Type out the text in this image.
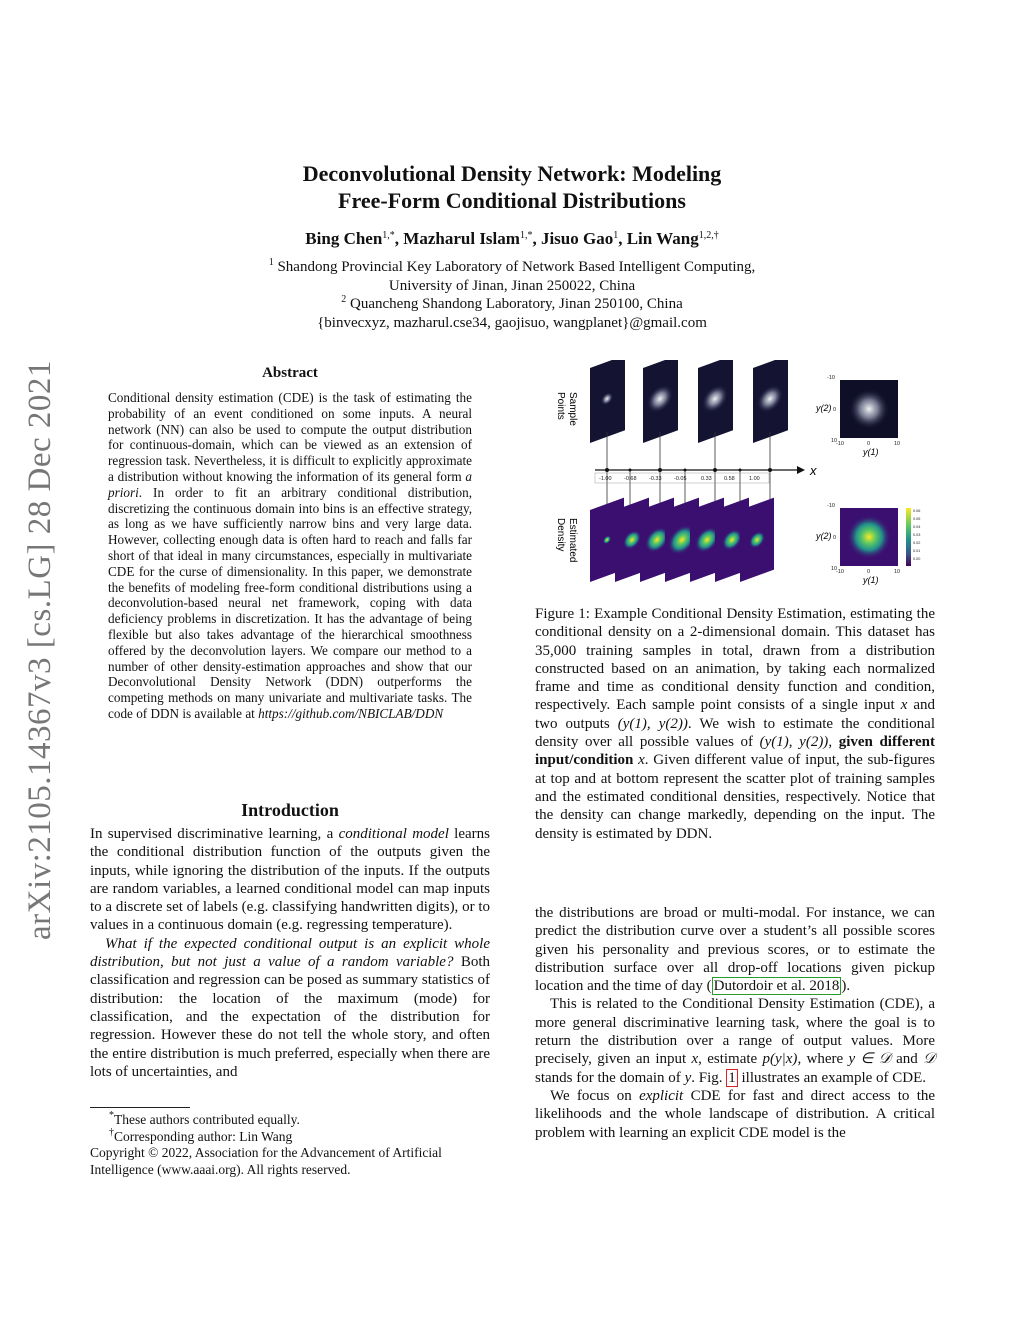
arXiv:2105.14367v3 [cs.LG] 28 Dec 2021
Deconvolutional Density Network: Modeling
Free-Form Conditional Distributions
Bing Chen$^{1,*}$, Mazharul Islam$^{1,*}$, Jisuo Gao$^1$, Lin Wang$^{1,2,\dagger}$
$^1$ Shandong Provincial Key Laboratory of Network Based Intelligent Computing,
University of Jinan, Jinan 250022, China
$^2$ Quancheng Shandong Laboratory, Jinan 250100, China
{binvecxyz, mazharul.cse34, gaojisuo, wangplanet}@gmail.com
Abstract
Conditional density estimation (CDE) is the task of estimating the probability of an event conditioned on some inputs. A neural network (NN) can also be used to compute the output distribution for continuous-domain, which can be viewed as an extension of regression task. Nevertheless, it is difficult to explicitly approximate a distribution without knowing the information of its general form a priori. In order to fit an arbitrary conditional distribution, discretizing the continuous domain into bins is an effective strategy, as long as we have sufficiently narrow bins and very large data. However, collecting enough data is often hard to reach and falls far short of that ideal in many circumstances, especially in multivariate CDE for the curse of dimensionality. In this paper, we demonstrate the benefits of modeling free-form conditional distributions using a deconvolution-based neural net framework, coping with data deficiency problems in discretization. It has the advantage of being flexible but also takes advantage of the hierarchical smoothness offered by the deconvolution layers. We compare our method to a number of other density-estimation approaches and show that our Deconvolutional Density Network (DDN) outperforms the competing methods on many univariate and multivariate tasks. The code of DDN is available at https://github.com/NBICLAB/DDN
Introduction

In supervised discriminative learning, a conditional model learns the conditional distribution function of the outputs given the inputs, while ignoring the distribution of the inputs. If the outputs are random variables, a learned conditional model can map inputs to a discrete set of labels (e.g. classifying handwritten digits), or to values in a continuous domain (e.g. regressing temperature).

What if the expected conditional output is an explicit whole distribution, but not just a value of a random variable? Both classification and regression can be posed as summary statistics of distribution: the location of the maximum (mode) for classification, and the expectation of the distribution for regression. However these do not tell the whole story, and often the entire distribution is much preferred, especially when there are lots of uncertainties, and

*These authors contributed equally.
†Corresponding author: Lin Wang
Copyright © 2022, Association for the Advancement of Artificial Intelligence (www.aaai.org). All rights reserved.
Sample
Points
Estimated
Density
x
-1.00 -0.68 -0.33 -0.05	0.33 0.58	1.00
-10
0
10
-10	0	10
y(2)
y(1)
0.06
0.05
0.04
0.03
0.02
0.01
0.00
-10
0
10
-10	0	10
y(2)
y(1)
Figure 1: Example Conditional Density Estimation, estimating the conditional density on a 2-dimensional domain. This dataset has 35,000 training samples in total, drawn from a distribution constructed based on an animation, by taking each normalized frame and time as conditional density function and condition, respectively. Each sample point consists of a single input x and two outputs (y(1), y(2)). We wish to estimate the conditional density over all possible values of (y(1), y(2)), given different input/condition x. Given different value of input, the sub-figures at top and at bottom represent the scatter plot of training samples and the estimated conditional densities, respectively. Notice that the density can change markedly, depending on the input. The density is estimated by DDN.

the distributions are broad or multi-modal. For instance, we can predict the distribution curve over a student’s all possible scores given his personality and previous scores, or to estimate the distribution surface over all drop-off locations given pickup location and the time of day ( Dutordoir et al. 2018 ).

This is related to the Conditional Density Estimation (CDE), a more general discriminative learning task, where the goal is to return the distribution over a range of output values. More precisely, given an input x, estimate p(y|x), where y ∈ 𝒟 and 𝒟 stands for the domain of y. Fig. 1 illustrates an example of CDE.

We focus on explicit CDE for fast and direct access to the likelihoods and the whole landscape of distribution. A critical problem with learning an explicit CDE model is the
